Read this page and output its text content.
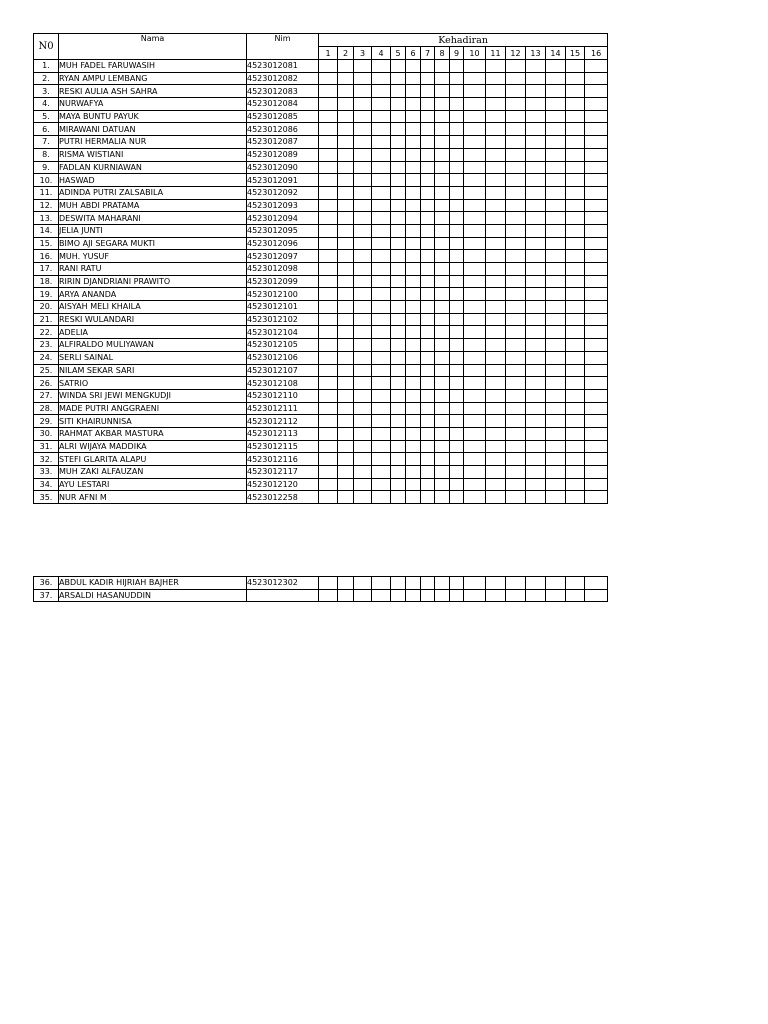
N0	Nama	Nim	Kehadiran															
			1	2	3	4	5	6	7	8	9	10	11	12	13	14	15	16
1.	MUH FADEL FARUWASIH	4523012081																
2.	RYAN AMPU LEMBANG	4523012082																
3.	RESKI AULIA ASH SAHRA	4523012083																
4.	NURWAFYA	4523012084																
5.	MAYA BUNTU PAYUK	4523012085																
6.	MIRAWANI DATUAN	4523012086																
7.	PUTRI HERMALIA NUR	4523012087																
8.	RISMA WISTIANI	4523012089																
9.	FADLAN KURNIAWAN	4523012090																
10.	HASWAD	4523012091																
11.	ADINDA PUTRI ZALSABILA	4523012092																
12.	MUH ABDI PRATAMA	4523012093																
13.	DESWITA MAHARANI	4523012094																
14.	JELIA JUNTI	4523012095																
15.	BIMO AJI SEGARA MUKTI	4523012096																
16.	MUH. YUSUF	4523012097																
17.	RANI RATU	4523012098																
18.	RIRIN DJANDRIANI PRAWITO	4523012099																
19.	ARYA ANANDA	4523012100																
20.	AISYAH MELI KHAILA	4523012101																
21.	RESKI WULANDARI	4523012102																
22.	ADELIA	4523012104																
23.	ALFIRALDO MULIYAWAN	4523012105																
24.	SERLI SAINAL	4523012106																
25.	NILAM SEKAR SARI	4523012107																
26.	SATRIO	4523012108																
27.	WINDA SRI JEWI MENGKUDJI	4523012110																
28.	MADE PUTRI ANGGRAENI	4523012111																
29.	SITI KHAIRUNNISA	4523012112																
30.	RAHMAT AKBAR MASTURA	4523012113																
31.	ALRI WIJAYA MADDIKA	4523012115																
32.	STEFI GLARITA ALAPU	4523012116																
33.	MUH ZAKI ALFAUZAN	4523012117																
34.	AYU LESTARI	4523012120																
35.	NUR AFNI M	4523012258																
36.	ABDUL KADIR HIJRIAH BAJHER	4523012302																
37.	ARSALDI HASANUDDIN																	
